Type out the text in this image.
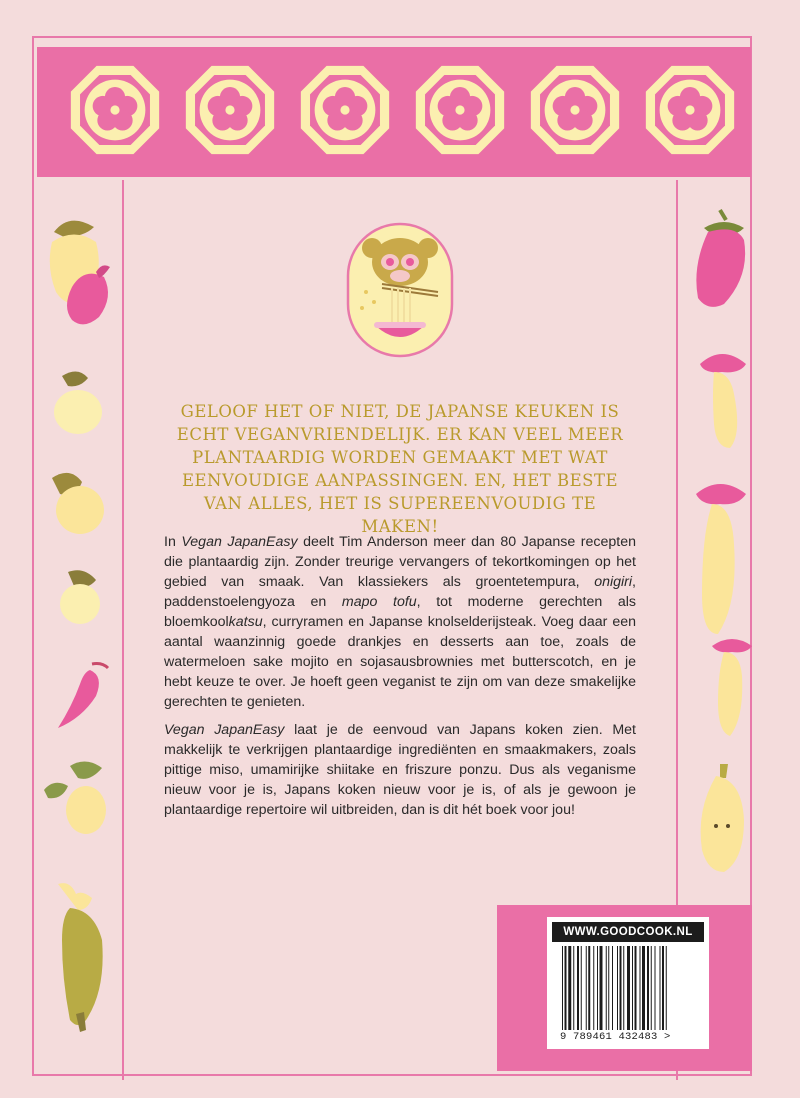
GELOOF HET OF NIET, DE JAPANSE KEUKEN IS ECHT VEGANVRIENDELIJK. ER KAN VEEL MEER PLANTAARDIG WORDEN GEMAAKT MET WAT EENVOUDIGE AANPASSINGEN. EN, HET BESTE VAN ALLES, HET IS SUPEREENVOUDIG TE MAKEN!

In Vegan JapanEasy deelt Tim Anderson meer dan 80 Japanse recepten die plantaardig zijn. Zonder treurige vervangers of tekortkomingen op het gebied van smaak. Van klassiekers als groentetempura, onigiri, paddenstoelengyoza en mapo tofu, tot moderne gerechten als bloemkoolkatsu, curryramen en Japanse knolselderijsteak. Voeg daar een aantal waanzinnig goede drankjes en desserts aan toe, zoals de watermeloen sake mojito en sojasausbrownies met butterscotch, en je hebt keuze te over. Je hoeft geen veganist te zijn om van deze smakelijke gerechten te genieten.

Vegan JapanEasy laat je de eenvoud van Japans koken zien. Met makkelijk te verkrijgen plantaardige ingrediënten en smaakmakers, zoals pittige miso, umamirijke shiitake en friszure ponzu. Dus als veganisme nieuw voor je is, Japans koken nieuw voor je is, of als je gewoon je plantaardige repertoire wil uitbreiden, dan is dit hét boek voor jou!

WWW.GOODCOOK.NL
9 789461 432483 >
